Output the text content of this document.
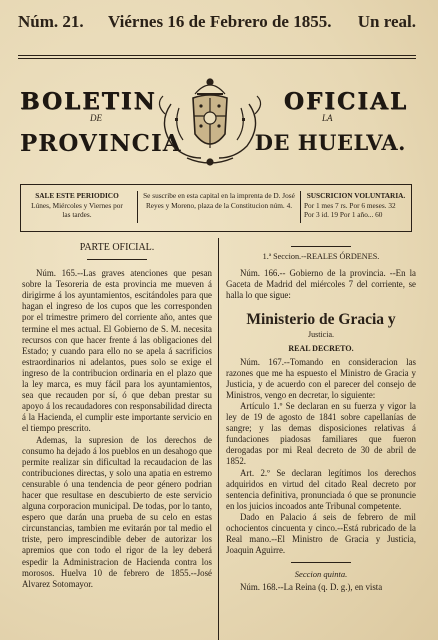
Núm. 21. Viérnes 16 de Febrero de 1855. Un real.
BOLETIN
DE
PROVINCIA
OFICIAL
LA
DE HUELVA.
SALE ESTE PERIODICO
Lúnes, Miércoles y Viernes por las tardes.
Se suscribe en esta capital en la imprenta de D. José Reyes y Moreno, plaza de la Constitucion núm. 4.
SUSCRICION VOLUNTARIA.
Por 1 mes 7 rs. Por 6 meses. 32
Por 3 id. 19 Por 1 año... 60
PARTE OFICIAL.

Núm. 165.--Las graves atenciones que pesan sobre la Tesoreria de esta provincia me mueven á dirigirme á los ayuntamientos, escitándoles para que hagan el ingreso de los cupos que les corresponden por el trimestre primero del corriente año, antes que termine el mes actual. El Gobierno de S. M. necesita recursos con que hacer frente á las obligaciones del Estado; y cuando para ello no se apela á sacrificios estraordinarios ni adelantos, pues solo se exige el ingreso de la contribucion ordinaria en el plazo que la ley marca, es muy fácil para los ayuntamientos, sea que recauden por sí, ó que deban prestar su apoyo á los recaudadores con responsabilidad directa á la Hacienda, el cumplir este importante servicio en el tiempo prescrito.

Ademas, la supresion de los derechos de consumo ha dejado á los pueblos en un desahogo que permite realizar sin dificultad la recaudacion de las contribuciones directas, y solo una apatia en estremo censurable ó una tendencia de peor género podrian hacer que resultase en descubierto de este servicio alguna corporacion municipal. De todas, por lo tanto, espero que darán una prueba de su celo en estas circunstancias, tambien me evitarán por tal medio el triste, pero imprescindible deber de autorizar los apremios que con todo el rigor de la ley deberá espedir la Administracion de Hacienda contra los morosos. Huelva 10 de febrero de 1855.--José Alvarez Sotomayor.

1.ª Seccion.--REALES ÓRDENES.

Núm. 166.-- Gobierno de la provincia. --En la Gaceta de Madrid del miércoles 7 del corriente, se halla lo que sigue:

Ministerio de Gracia y
Justicia.
REAL DECRETO.

Núm. 167.--Tomando en consideracion las razones que me ha espuesto el Ministro de Gracia y Justicia, y de acuerdo con el parecer del consejo de Ministros, vengo en decretar, lo siguiente:

Artículo 1.º Se declaran en su fuerza y vigor la ley de 19 de agosto de 1841 sobre capellanías de sangre; y las demas disposiciones relativas á fundaciones piadosas familiares que fueron derogadas por mi Real decreto de 30 de abril de 1852.

Art. 2.º Se declaran legítimos los derechos adquiridos en virtud del citado Real decreto por sentencia definitiva, pronunciada ó que se pronuncie en los juicios incoados ante Tribunal competente.

Dado en Palacio á seis de febrero de mil ochocientos cincuenta y cinco.--Está rubricado de la Real mano.--El Ministro de Gracia y Justicia, Joaquin Aguirre.

Seccion quinta.

Núm. 168.--La Reina (q. D. g.), en vista
